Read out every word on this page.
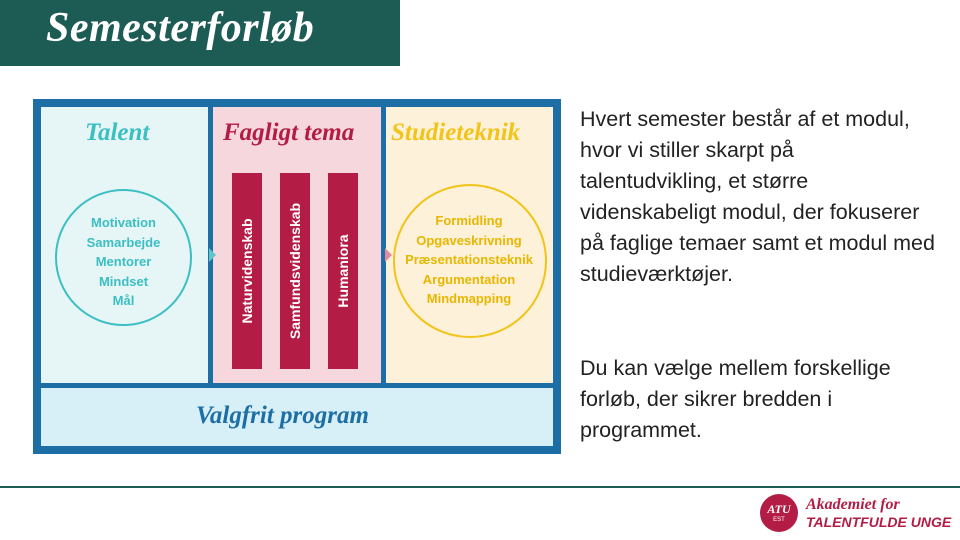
Semesterforløb
Talent	Fagligt tema Studieteknik
Motivation
Samarbejde
Mentorer
Mindset
Mål	Naturvidenskab Samfundsvidenskab Humaniora
Formidling
Opgaveskrivning
Præsentationsteknik
Argumentation
Mindmapping
Valgfrit program
Hvert semester består af et modul, hvor vi stiller skarpt på talentudvikling, et større videnskabeligt modul, der fokuserer på faglige temaer samt et modul med studieværktøjer.
Du kan vælge mellem forskellige forløb, der sikrer bredden i programmet.
ATU
EST
Akademiet for
TALENTFULDE UNGE
